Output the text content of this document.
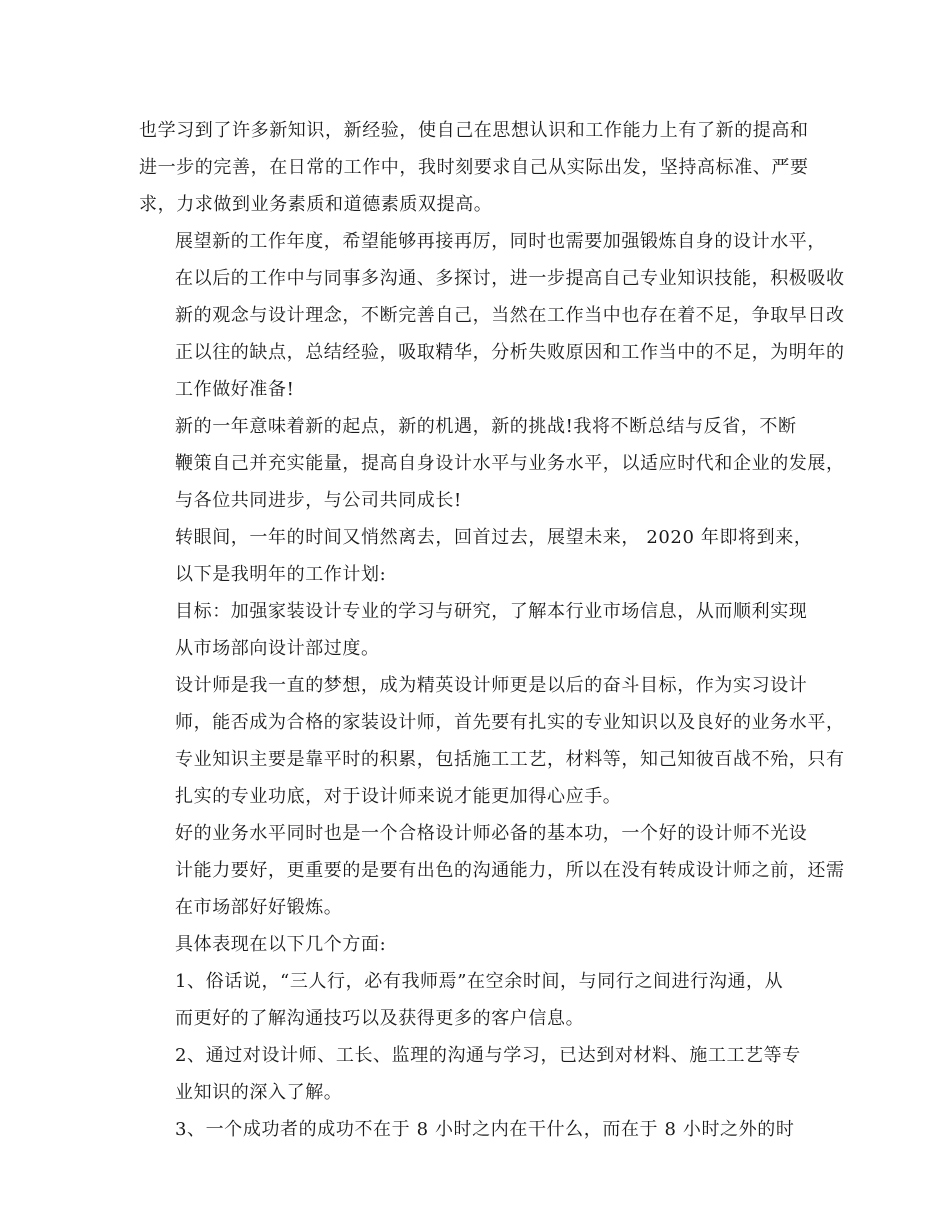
也学习到了许多新知识，新经验，使自己在思想认识和工作能力上有了新的提高和
进一步的完善，在日常的工作中，我时刻要求自己从实际出发，坚持高标准、严要
求，力求做到业务素质和道德素质双提高。

展望新的工作年度，希望能够再接再厉，同时也需要加强锻炼自身的设计水平，
在以后的工作中与同事多沟通、多探讨，进一步提高自己专业知识技能，积极吸收
新的观念与设计理念，不断完善自己，当然在工作当中也存在着不足，争取早日改
正以往的缺点，总结经验，吸取精华，分析失败原因和工作当中的不足，为明年的
工作做好准备!

新的一年意味着新的起点，新的机遇，新的挑战!我将不断总结与反省，不断
鞭策自己并充实能量，提高自身设计水平与业务水平，以适应时代和企业的发展，
与各位共同进步，与公司共同成长!

转眼间，一年的时间又悄然离去，回首过去，展望未来， 2020 年即将到来，
以下是我明年的工作计划:

目标：加强家装设计专业的学习与研究，了解本行业市场信息，从而顺利实现
从市场部向设计部过度。

设计师是我一直的梦想，成为精英设计师更是以后的奋斗目标，作为实习设计
师，能否成为合格的家装设计师，首先要有扎实的专业知识以及良好的业务水平，
专业知识主要是靠平时的积累，包括施工工艺，材料等，知己知彼百战不殆，只有
扎实的专业功底，对于设计师来说才能更加得心应手。

好的业务水平同时也是一个合格设计师必备的基本功，一个好的设计师不光设
计能力要好，更重要的是要有出色的沟通能力，所以在没有转成设计师之前，还需
在市场部好好锻炼。

具体表现在以下几个方面:

1、俗话说，“三人行，必有我师焉”在空余时间，与同行之间进行沟通，从
而更好的了解沟通技巧以及获得更多的客户信息。

2、通过对设计师、工长、监理的沟通与学习，已达到对材料、施工工艺等专
业知识的深入了解。

3、一个成功者的成功不在于 8 小时之内在干什么，而在于 8 小时之外的时
